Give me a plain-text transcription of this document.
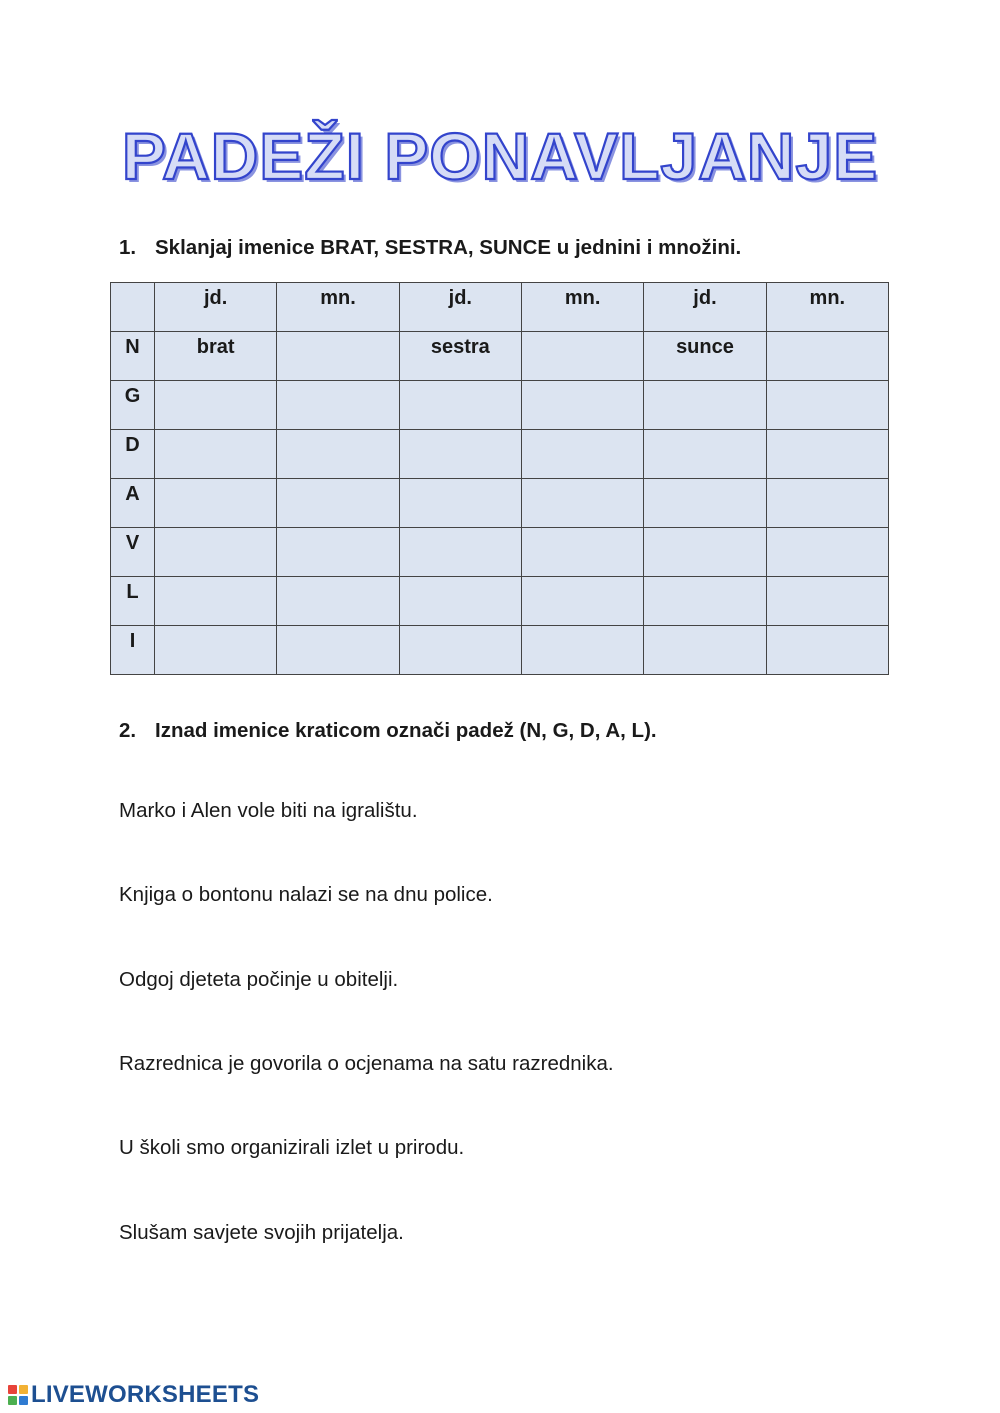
PADEŽI PONAVLJANJE
1. Sklanjaj imenice BRAT, SESTRA, SUNCE u jednini i množini.
	jd.	mn.	jd.	mn.	jd.	mn.
N	brat		sestra		sunce	
G						
D						
A						
V						
L						
I						
2. Iznad imenice kraticom označi padež (N, G, D, A, L).
Marko i Alen vole biti na igralištu.
Knjiga o bontonu nalazi se na dnu police.
Odgoj djeteta počinje u obitelji.
Razrednica je govorila o ocjenama na satu razrednika.
U školi smo organizirali izlet u prirodu.
Slušam savjete svojih prijatelja.
LIVEWORKSHEETS
